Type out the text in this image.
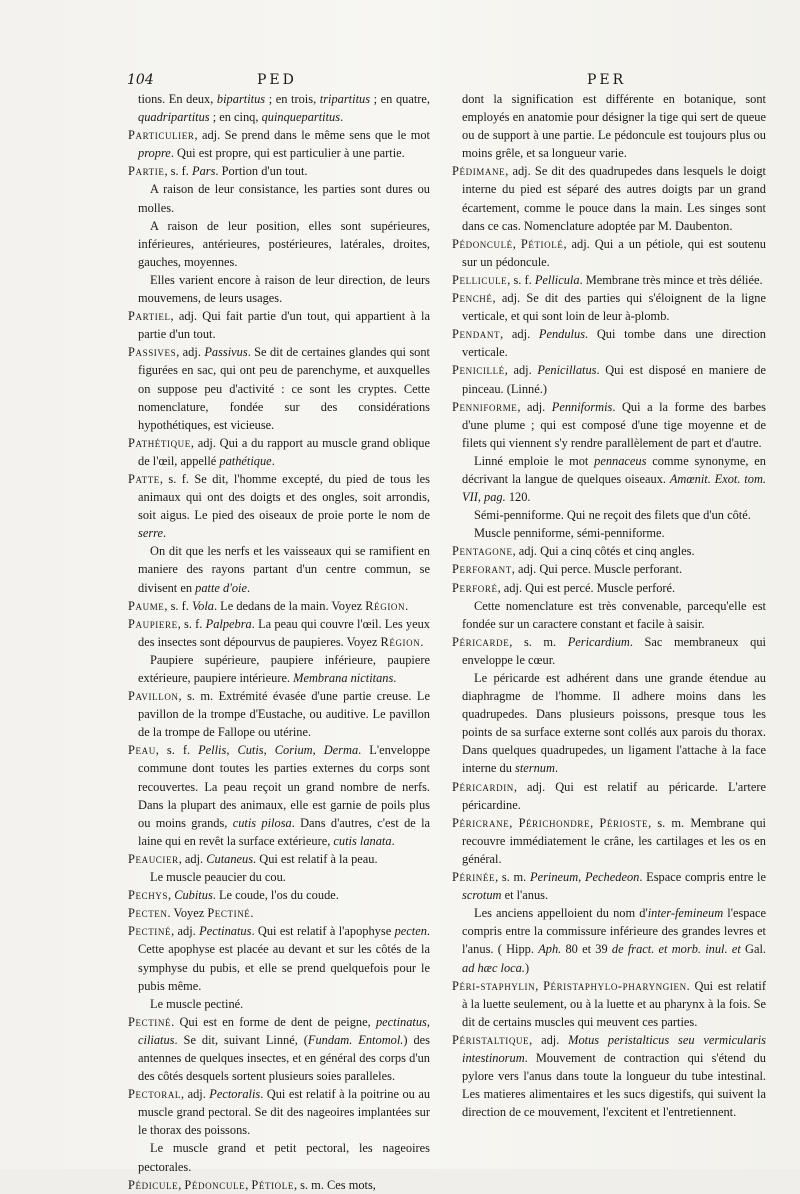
104	PED	PER

tions. En deux, bipartitus ; en trois, tripartitus ; en quatre, quadripartitus ; en cinq, quinquepartitus.

Particulier, adj. Se prend dans le même sens que le mot propre. Qui est propre, qui est particulier à une partie.

Partie, s. f. Pars. Portion d'un tout.

A raison de leur consistance, les parties sont dures ou molles.

A raison de leur position, elles sont supérieures, inférieures, antérieures, postérieures, latérales, droites, gauches, moyennes.

Elles varient encore à raison de leur direction, de leurs mouvemens, de leurs usages.

Partiel, adj. Qui fait partie d'un tout, qui appartient à la partie d'un tout.

Passives, adj. Passivus. Se dit de certaines glandes qui sont figurées en sac, qui ont peu de parenchyme, et auxquelles on suppose peu d'activité : ce sont les cryptes. Cette nomenclature, fondée sur des considérations hypothétiques, est vicieuse.

Pathétique, adj. Qui a du rapport au muscle grand oblique de l'œil, appellé pathétique.

Patte, s. f. Se dit, l'homme excepté, du pied de tous les animaux qui ont des doigts et des ongles, soit arrondis, soit aigus. Le pied des oiseaux de proie porte le nom de serre.

On dit que les nerfs et les vaisseaux qui se ramifient en maniere des rayons partant d'un centre commun, se divisent en patte d'oie.

Paume, s. f. Vola. Le dedans de la main. Voyez Région.

Paupiere, s. f. Palpebra. La peau qui couvre l'œil. Les yeux des insectes sont dépourvus de paupieres. Voyez Région.

Paupiere supérieure, paupiere inférieure, paupiere extérieure, paupiere intérieure. Membrana nictitans.

Pavillon, s. m. Extrémité évasée d'une partie creuse. Le pavillon de la trompe d'Eustache, ou auditive. Le pavillon de la trompe de Fallope ou utérine.

Peau, s. f. Pellis, Cutis, Corium, Derma. L'enveloppe commune dont toutes les parties externes du corps sont recouvertes. La peau reçoit un grand nombre de nerfs. Dans la plupart des animaux, elle est garnie de poils plus ou moins grands, cutis pilosa. Dans d'autres, c'est de la laine qui en revêt la surface extérieure, cutis lanata.

Peaucier, adj. Cutaneus. Qui est relatif à la peau.

Le muscle peaucier du cou.

Pechys, Cubitus. Le coude, l'os du coude.

Pecten. Voyez Pectiné.

Pectiné, adj. Pectinatus. Qui est relatif à l'apophyse pecten. Cette apophyse est placée au devant et sur les côtés de la symphyse du pubis, et elle se prend quelquefois pour le pubis même.

Le muscle pectiné.

Pectiné. Qui est en forme de dent de peigne, pectinatus, ciliatus. Se dit, suivant Linné, (Fundam. Entomol.) des antennes de quelques insectes, et en général des corps d'un des côtés desquels sortent plusieurs soies paralleles.

Pectoral, adj. Pectoralis. Qui est relatif à la poitrine ou au muscle grand pectoral. Se dit des nageoires implantées sur le thorax des poissons.

Le muscle grand et petit pectoral, les nageoires pectorales.

Pédicule, Pédoncule, Pétiole, s. m. Ces mots,

dont la signification est différente en botanique, sont employés en anatomie pour désigner la tige qui sert de queue ou de support à une partie. Le pédoncule est toujours plus ou moins grêle, et sa longueur varie.

Pédimane, adj. Se dit des quadrupedes dans lesquels le doigt interne du pied est séparé des autres doigts par un grand écartement, comme le pouce dans la main. Les singes sont dans ce cas. Nomenclature adoptée par M. Daubenton.

Pédonculé, Pétiolé, adj. Qui a un pétiole, qui est soutenu sur un pédoncule.

Pellicule, s. f. Pellicula. Membrane très mince et très déliée.

Penché, adj. Se dit des parties qui s'éloignent de la ligne verticale, et qui sont loin de leur à-plomb.

Pendant, adj. Pendulus. Qui tombe dans une direction verticale.

Penicillé, adj. Penicillatus. Qui est disposé en maniere de pinceau. (Linné.)

Penniforme, adj. Penniformis. Qui a la forme des barbes d'une plume ; qui est composé d'une tige moyenne et de filets qui viennent s'y rendre parallèlement de part et d'autre.

Linné emploie le mot pennaceus comme synonyme, en décrivant la langue de quelques oiseaux. Amœnit. Exot. tom. VII, pag. 120.

Sémi-penniforme. Qui ne reçoit des filets que d'un côté.

Muscle penniforme, sémi-penniforme.

Pentagone, adj. Qui a cinq côtés et cinq angles.

Perforant, adj. Qui perce. Muscle perforant.

Perforé, adj. Qui est percé. Muscle perforé.

Cette nomenclature est très convenable, parcequ'elle est fondée sur un caractere constant et facile à saisir.

Péricarde, s. m. Pericardium. Sac membraneux qui enveloppe le cœur.

Le péricarde est adhérent dans une grande étendue au diaphragme de l'homme. Il adhere moins dans les quadrupedes. Dans plusieurs poissons, presque tous les points de sa surface externe sont collés aux parois du thorax. Dans quelques quadrupedes, un ligament l'attache à la face interne du sternum.

Péricardin, adj. Qui est relatif au péricarde. L'artere péricardine.

Péricrane, Périchondre, Périoste, s. m. Membrane qui recouvre immédiatement le crâne, les cartilages et les os en général.

Périnée, s. m. Perineum, Pechedeon. Espace compris entre le scrotum et l'anus.

Les anciens appelloient du nom d'inter-femineum l'espace compris entre la commissure inférieure des grandes levres et l'anus. ( Hipp. Aph. 80 et 39 de fract. et morb. inul. et Gal. ad hæc loca.)

Péri-staphylin, Péristaphylo-pharyngien. Qui est relatif à la luette seulement, ou à la luette et au pharynx à la fois. Se dit de certains muscles qui meuvent ces parties.

Péristaltique, adj. Motus peristalticus seu vermicularis intestinorum. Mouvement de contraction qui s'étend du pylore vers l'anus dans toute la longueur du tube intestinal. Les matieres alimentaires et les sucs digestifs, qui suivent la direction de ce mouvement, l'excitent et l'entretiennent.
